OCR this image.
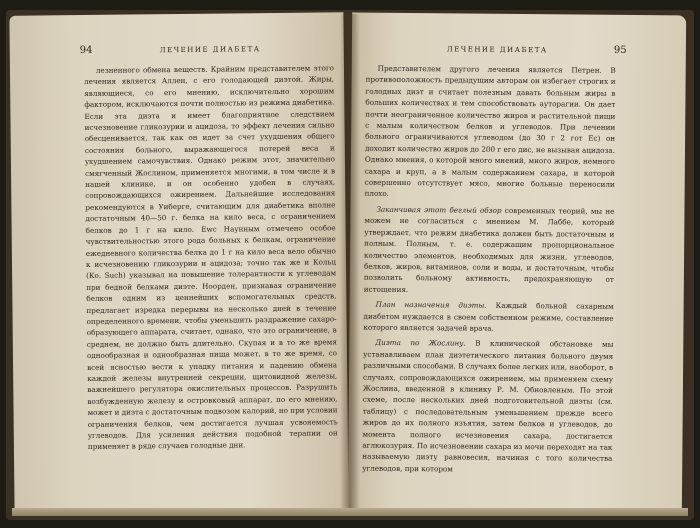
94	ЛЕЧЕНИЕ ДИАБЕТА

лезненного обмена веществ. Крайним представителем этого лечения является Аллен, с его голодающей диэтой. Жиры, являющиеся, со его мнению, исключительно хорошим фактором, исключаются почти полностью из режима диабетика. Если эта диэта и имеет благоприятное следствием исчезновение гликозурии и ацидоза, то эффект лечения сильно обесценивается, так как он идет за счет ухудшения общего состояния больного, выражающегося потерей веса и ухудшением самочувствия. Однако режим этот, значительно смягченный Жослином, применяется многими, в том числе и в нашей клинике, и он особенно удобен в случаях, сопровождающихся ожирением. Дальнейшие исследования рекомендуются в Уиберге, считающим для диабетика вполне достаточным 40—50 г. белка на кило веса, с ограничением белков до 1 г на кило. Ewc Наунным отмечено особое чувствительностью этого рода больных к белкам, ограничение ежедневного количества белка до 1 г на кило веса вело обычно к исчезновению гликозурии и ацидоза; точно так же и Кольц (Ко. Such) указывал на повышение толерантности к углеводам при бедной белками диэте. Ноорден, признавая ограничение белков одним из ценнейших вспомогательных средств, предлагает изредка перерывы на несколько дней в течение определенного времени, чтобы уменьшить раздражение сахаро-образующего аппарата, считает, однако, что это ограничение, в среднем, не должно быть длительно. Скупая и в то же время однообразная и однообразная пища может, в то же время, со всей ясностью вести к упадку питания и падению обмена каждой железы внутренней секреции, щитовидной железы, важнейшего регулятора окислительных процессов. Разрушить возбужденную железу и островковый аппарат, по его мнению, может и диэта с достаточным подвозом калорий, но при условии ограничения белков, чем достигается лучшая усвояемость углеводов. Для усиления действия подобной терапии он применяет в ряде случаев голодные дни.

ЛЕЧЕНИЕ ДИАБЕТА	95

Представителем другого лечения является Петрен. В противоположность предыдущим авторам он избегает строгих и голодных диэт и считает полезным давать больным жиры в больших количествах и тем способствовать ауторагии. Он дает почти неограниченное количество жиров и растительной пищи с малым количеством белков и углеводов. При лечении больного ограничиваются углеводом (до 30 г 2 гот Ес) он доходит количество жиров до 200 г его дис, не вызывая ацидоза. Однако мнения, о которой много мнений, много жиров, немного сахара и круп, а в малым содержанием сахара, и которой совершенно отсутствует мясо, многие больные переносили плохо.

Заканчивая этот беглый обзор современных теорий, мы не можем не согласиться с мнением М. Лаббе, который утверждает, что режим диабетика должен быть достаточным и полным. Полным, т. е. содержащим пропорциональное количество элементов, необходимых для жизни, углеводов, белков, жиров, витаминов, соли и воды, и достаточным, чтобы позволить больному активность, предохраняющую от истощения.

План назначения диэты. Каждый больной сахарным диабетом нуждается в своем собственном режиме, составление которого является задачей врача.

Диэта по Жослину. В клинической обстановке мы устанавливаем план диэтетического питания больного двумя различными способами. В случаях более легких или, наоборот, в случаях, сопровождающихся ожирением, мы применяем схему Жослина, введенной в клинику Р. М. Обновленым. По этой схеме, после нескольких дней подготовительной диэты (см. таблицу) с последовательным уменьшением прежде всего жиров до их полного изъятия, затем белков и углеводов, до момента полного исчезновения сахара, достигается аглюкозурия. По исчезновении сахара из мочи переходят на так называемую диэту равновесия, начиная с того количества углеводов, при котором
